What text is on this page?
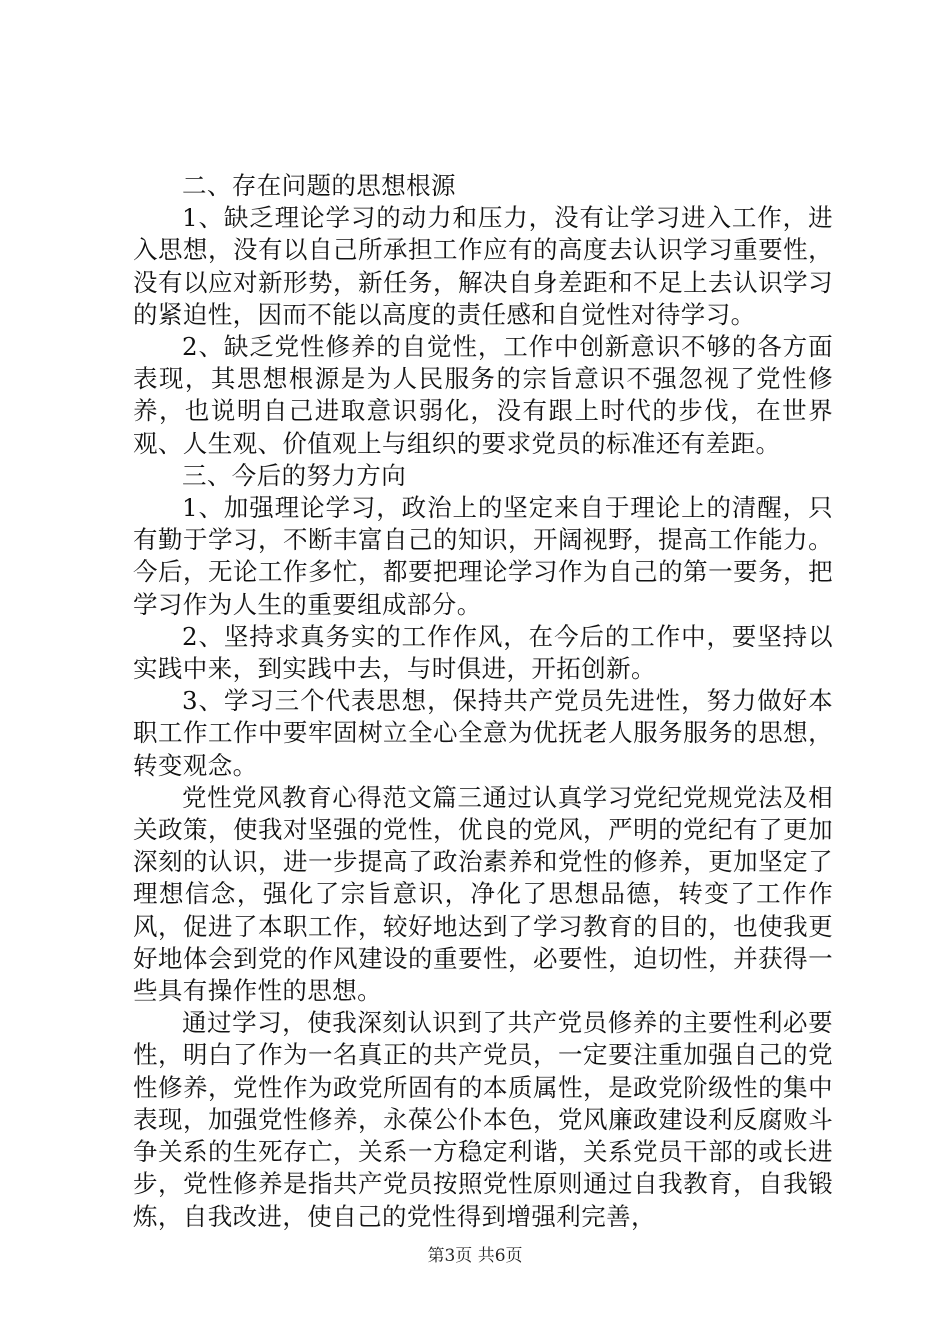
二、存在问题的思想根源

1、缺乏理论学习的动力和压力，没有让学习进入工作，进入思想，没有以自己所承担工作应有的高度去认识学习重要性，没有以应对新形势，新任务，解决自身差距和不足上去认识学习的紧迫性，因而不能以高度的责任感和自觉性对待学习。

2、缺乏党性修养的自觉性，工作中创新意识不够的各方面表现，其思想根源是为人民服务的宗旨意识不强忽视了党性修养，也说明自己进取意识弱化，没有跟上时代的步伐，在世界观、人生观、价值观上与组织的要求党员的标准还有差距。

三、今后的努力方向

1、加强理论学习，政治上的坚定来自于理论上的清醒，只有勤于学习，不断丰富自己的知识，开阔视野，提高工作能力。今后，无论工作多忙，都要把理论学习作为自己的第一要务，把学习作为人生的重要组成部分。

2、坚持求真务实的工作作风，在今后的工作中，要坚持以实践中来，到实践中去，与时俱进，开拓创新。

3、学习三个代表思想，保持共产党员先进性，努力做好本职工作工作中要牢固树立全心全意为优抚老人服务服务的思想，转变观念。

党性党风教育心得范文篇三通过认真学习党纪党规党法及相关政策，使我对坚强的党性，优良的党风，严明的党纪有了更加深刻的认识，进一步提高了政治素养和党性的修养，更加坚定了理想信念，强化了宗旨意识，净化了思想品德，转变了工作作风，促进了本职工作，较好地达到了学习教育的目的，也使我更好地体会到党的作风建设的重要性，必要性，迫切性，并获得一些具有操作性的思想。

通过学习，使我深刻认识到了共产党员修养的主要性利必要性，明白了作为一名真正的共产党员，一定要注重加强自己的党性修养，党性作为政党所固有的本质属性，是政党阶级性的集中表现，加强党性修养，永葆公仆本色，党风廉政建设利反腐败斗争关系的生死存亡，关系一方稳定利谐，关系党员干部的或长进步，党性修养是指共产党员按照党性原则通过自我教育，自我锻炼，自我改进，使自己的党性得到增强利完善，

第3页 共6页
